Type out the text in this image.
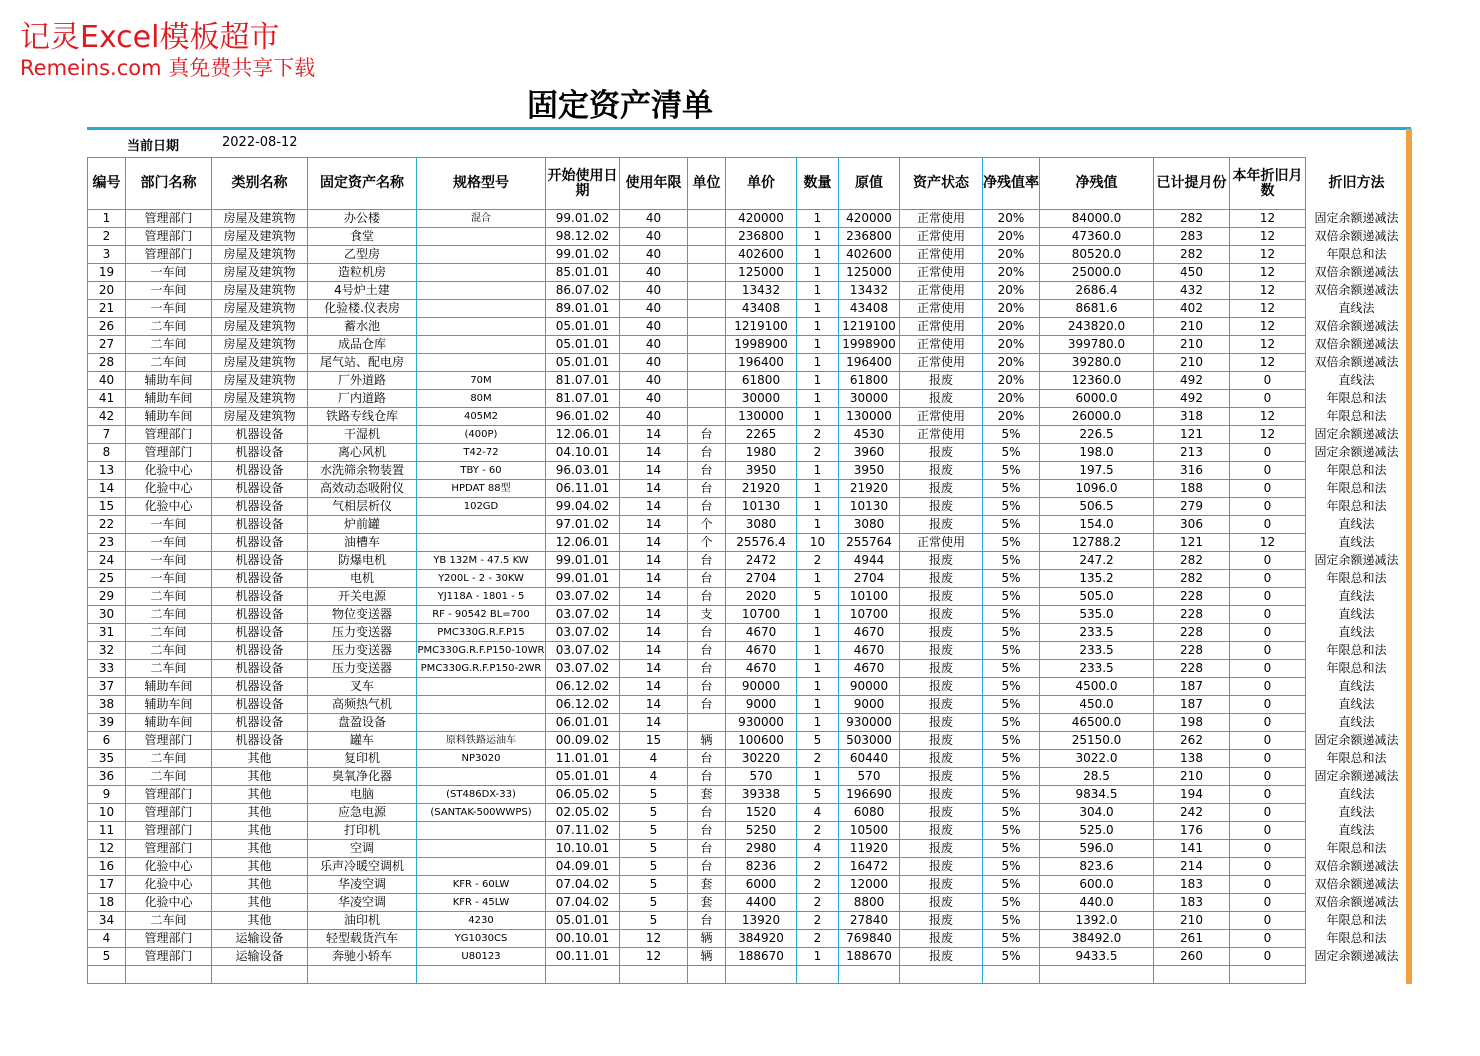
记灵Excel模板超市
Remeins.com 真免费共享下载
固定资产清单
当前日期	2022-08-12
编号	部门名称	类别名称	固定资产名称	规格型号	开始使用日期	使用年限	单位	单价	数量	原值	资产状态	净残值率	净残值	已计提月份	本年折旧月数	折旧方法
1	管理部门	房屋及建筑物	办公楼	混合	99.01.02	40		420000	1	420000	正常使用	20%	84000.0	282	12	固定余额递减法
2	管理部门	房屋及建筑物	食堂		98.12.02	40		236800	1	236800	正常使用	20%	47360.0	283	12	双倍余额递减法
3	管理部门	房屋及建筑物	乙型房		99.01.02	40		402600	1	402600	正常使用	20%	80520.0	282	12	年限总和法
19	一车间	房屋及建筑物	造粒机房		85.01.01	40		125000	1	125000	正常使用	20%	25000.0	450	12	双倍余额递减法
20	一车间	房屋及建筑物	4号炉土建		86.07.02	40		13432	1	13432	正常使用	20%	2686.4	432	12	双倍余额递减法
21	一车间	房屋及建筑物	化验楼.仪表房		89.01.01	40		43408	1	43408	正常使用	20%	8681.6	402	12	直线法
26	二车间	房屋及建筑物	蓄水池		05.01.01	40		1219100	1	1219100	正常使用	20%	243820.0	210	12	双倍余额递减法
27	二车间	房屋及建筑物	成品仓库		05.01.01	40		1998900	1	1998900	正常使用	20%	399780.0	210	12	双倍余额递减法
28	二车间	房屋及建筑物	尾气站、配电房		05.01.01	40		196400	1	196400	正常使用	20%	39280.0	210	12	双倍余额递减法
40	辅助车间	房屋及建筑物	厂外道路	70M	81.07.01	40		61800	1	61800	报废	20%	12360.0	492	0	直线法
41	辅助车间	房屋及建筑物	厂内道路	80M	81.07.01	40		30000	1	30000	报废	20%	6000.0	492	0	年限总和法
42	辅助车间	房屋及建筑物	铁路专线仓库	405M2	96.01.02	40		130000	1	130000	正常使用	20%	26000.0	318	12	年限总和法
7	管理部门	机器设备	干湿机	(400P)	12.06.01	14	台	2265	2	4530	正常使用	5%	226.5	121	12	固定余额递减法
8	管理部门	机器设备	离心风机	T42-72	04.10.01	14	台	1980	2	3960	报废	5%	198.0	213	0	固定余额递减法
13	化验中心	机器设备	水洗筛余物装置	TBY - 60	96.03.01	14	台	3950	1	3950	报废	5%	197.5	316	0	年限总和法
14	化验中心	机器设备	高效动态吸附仪	HPDAT 88型	06.11.01	14	台	21920	1	21920	报废	5%	1096.0	188	0	年限总和法
15	化验中心	机器设备	气相层析仪	102GD	99.04.02	14	台	10130	1	10130	报废	5%	506.5	279	0	年限总和法
22	一车间	机器设备	炉前罐		97.01.02	14	个	3080	1	3080	报废	5%	154.0	306	0	直线法
23	一车间	机器设备	油槽车		12.06.01	14	个	25576.4	10	255764	正常使用	5%	12788.2	121	12	直线法
24	一车间	机器设备	防爆电机	YB 132M - 47.5 KW	99.01.01	14	台	2472	2	4944	报废	5%	247.2	282	0	固定余额递减法
25	一车间	机器设备	电机	Y200L - 2 - 30KW	99.01.01	14	台	2704	1	2704	报废	5%	135.2	282	0	年限总和法
29	二车间	机器设备	开关电源	YJ118A - 1801 - 5	03.07.02	14	台	2020	5	10100	报废	5%	505.0	228	0	直线法
30	二车间	机器设备	物位变送器	RF - 90542 BL=700	03.07.02	14	支	10700	1	10700	报废	5%	535.0	228	0	直线法
31	二车间	机器设备	压力变送器	PMC330G.R.F.P15	03.07.02	14	台	4670	1	4670	报废	5%	233.5	228	0	直线法
32	二车间	机器设备	压力变送器	PMC330G.R.F.P150-10WR	03.07.02	14	台	4670	1	4670	报废	5%	233.5	228	0	年限总和法
33	二车间	机器设备	压力变送器	PMC330G.R.F.P150-2WR	03.07.02	14	台	4670	1	4670	报废	5%	233.5	228	0	年限总和法
37	辅助车间	机器设备	叉车		06.12.02	14	台	90000	1	90000	报废	5%	4500.0	187	0	直线法
38	辅助车间	机器设备	高频热气机		06.12.02	14	台	9000	1	9000	报废	5%	450.0	187	0	直线法
39	辅助车间	机器设备	盘盈设备		06.01.01	14		930000	1	930000	报废	5%	46500.0	198	0	直线法
6	管理部门	机器设备	罐车	原料铁路运油车	00.09.02	15	辆	100600	5	503000	报废	5%	25150.0	262	0	固定余额递减法
35	二车间	其他	复印机	NP3020	11.01.01	4	台	30220	2	60440	报废	5%	3022.0	138	0	年限总和法
36	二车间	其他	臭氧净化器		05.01.01	4	台	570	1	570	报废	5%	28.5	210	0	固定余额递减法
9	管理部门	其他	电脑	(ST486DX-33)	06.05.02	5	套	39338	5	196690	报废	5%	9834.5	194	0	直线法
10	管理部门	其他	应急电源	(SANTAK-500WWPS)	02.05.02	5	台	1520	4	6080	报废	5%	304.0	242	0	直线法
11	管理部门	其他	打印机		07.11.02	5	台	5250	2	10500	报废	5%	525.0	176	0	直线法
12	管理部门	其他	空调		10.10.01	5	台	2980	4	11920	报废	5%	596.0	141	0	年限总和法
16	化验中心	其他	乐声冷暖空调机		04.09.01	5	台	8236	2	16472	报废	5%	823.6	214	0	双倍余额递减法
17	化验中心	其他	华凌空调	KFR - 60LW	07.04.02	5	套	6000	2	12000	报废	5%	600.0	183	0	双倍余额递减法
18	化验中心	其他	华凌空调	KFR - 45LW	07.04.02	5	套	4400	2	8800	报废	5%	440.0	183	0	双倍余额递减法
34	二车间	其他	油印机	4230	05.01.01	5	台	13920	2	27840	报废	5%	1392.0	210	0	年限总和法
4	管理部门	运输设备	轻型载货汽车	YG1030CS	00.10.01	12	辆	384920	2	769840	报废	5%	38492.0	261	0	年限总和法
5	管理部门	运输设备	奔驰小轿车	U80123	00.11.01	12	辆	188670	1	188670	报废	5%	9433.5	260	0	固定余额递减法
